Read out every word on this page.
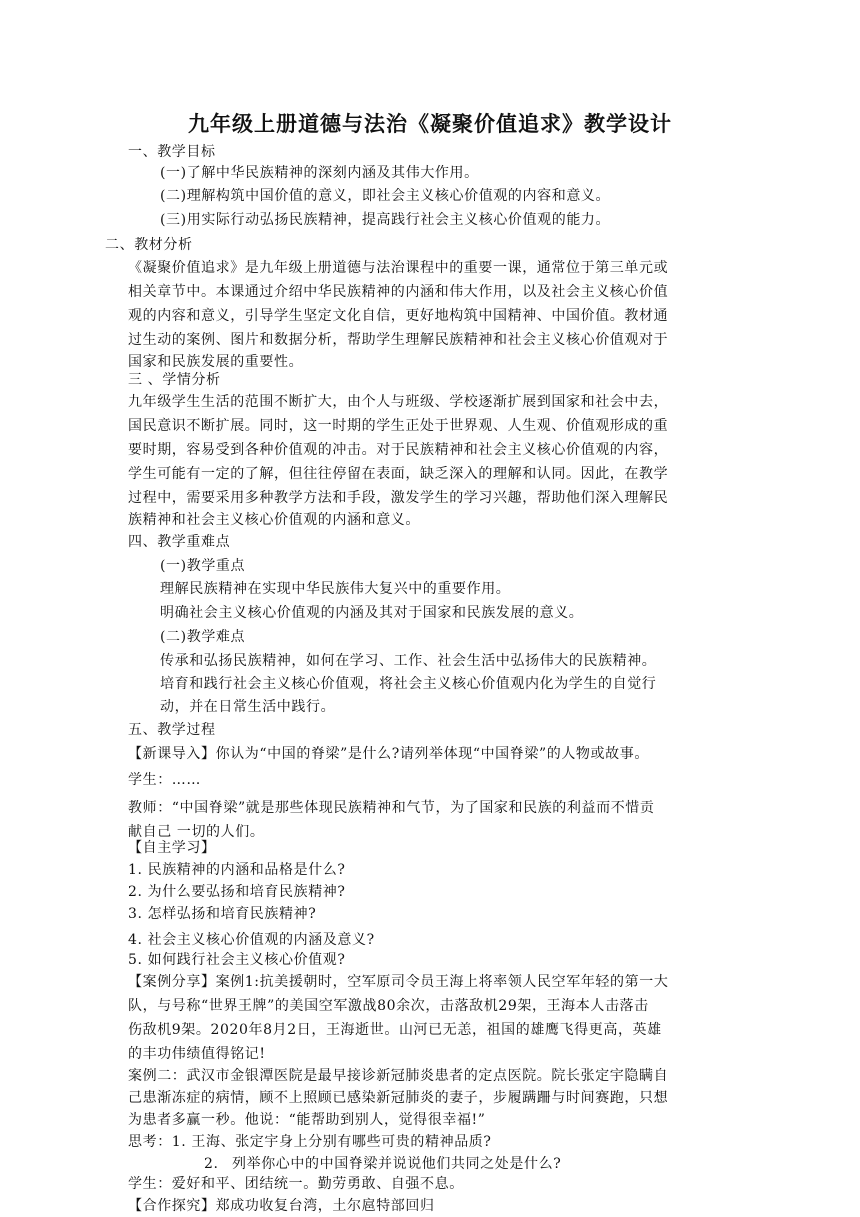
九年级上册道德与法治《凝聚价值追求》教学设计
一、教学目标
(一)了解中华民族精神的深刻内涵及其伟大作用。
(二)理解构筑中国价值的意义，即社会主义核心价值观的内容和意义。
(三)用实际行动弘扬民族精神，提高践行社会主义核心价值观的能力。
二、教材分析
《凝聚价值追求》是九年级上册道德与法治课程中的重要一课，通常位于第三单元或
相关章节中。本课通过介绍中华民族精神的内涵和伟大作用，以及社会主义核心价值
观的内容和意义，引导学生坚定文化自信，更好地构筑中国精神、中国价值。教材通
过生动的案例、图片和数据分析，帮助学生理解民族精神和社会主义核心价值观对于
国家和民族发展的重要性。
三 、学情分析
九年级学生生活的范围不断扩大，由个人与班级、学校逐渐扩展到国家和社会中去，
国民意识不断扩展。同时，这一时期的学生正处于世界观、人生观、价值观形成的重
要时期，容易受到各种价值观的冲击。对于民族精神和社会主义核心价值观的内容，
学生可能有一定的了解，但往往停留在表面，缺乏深入的理解和认同。因此，在教学
过程中，需要采用多种教学方法和手段，激发学生的学习兴趣，帮助他们深入理解民
族精神和社会主义核心价值观的内涵和意义。
四、教学重难点
(一)教学重点
理解民族精神在实现中华民族伟大复兴中的重要作用。
明确社会主义核心价值观的内涵及其对于国家和民族发展的意义。
(二)教学难点
传承和弘扬民族精神，如何在学习、工作、社会生活中弘扬伟大的民族精神。
培育和践行社会主义核心价值观，将社会主义核心价值观内化为学生的自觉行
动，并在日常生活中践行。
五、教学过程
【新课导入】你认为“中国的脊梁”是什么?请列举体现“中国脊梁”的人物或故事。
学生：……
教师：“中国脊梁”就是那些体现民族精神和气节，为了国家和民族的利益而不惜贡
献自己 一切的人们。
【自主学习】
1. 民族精神的内涵和品格是什么?
2. 为什么要弘扬和培育民族精神?
3. 怎样弘扬和培育民族精神?
4. 社会主义核心价值观的内涵及意义?
5. 如何践行社会主义核心价值观?
【案例分享】案例1:抗美援朝时，空军原司令员王海上将率领人民空军年轻的第一大
队，与号称“世界王牌”的美国空军激战80余次，击落敌机29架，王海本人击落击
伤敌机9架。2020年8月2日，王海逝世。山河已无恙，祖国的雄鹰飞得更高，英雄
的丰功伟绩值得铭记!
案例二：武汉市金银潭医院是最早接诊新冠肺炎患者的定点医院。院长张定宇隐瞒自
己患渐冻症的病情，顾不上照顾已感染新冠肺炎的妻子，步履蹒跚与时间赛跑，只想
为患者多赢一秒。他说：“能帮助到别人，觉得很幸福!”
思考：1. 王海、张定宇身上分别有哪些可贵的精神品质?
2. 列举你心中的中国脊梁并说说他们共同之处是什么?
学生：爱好和平、团结统一。勤劳勇敢、自强不息。
【合作探究】郑成功收复台湾，土尔扈特部回归
